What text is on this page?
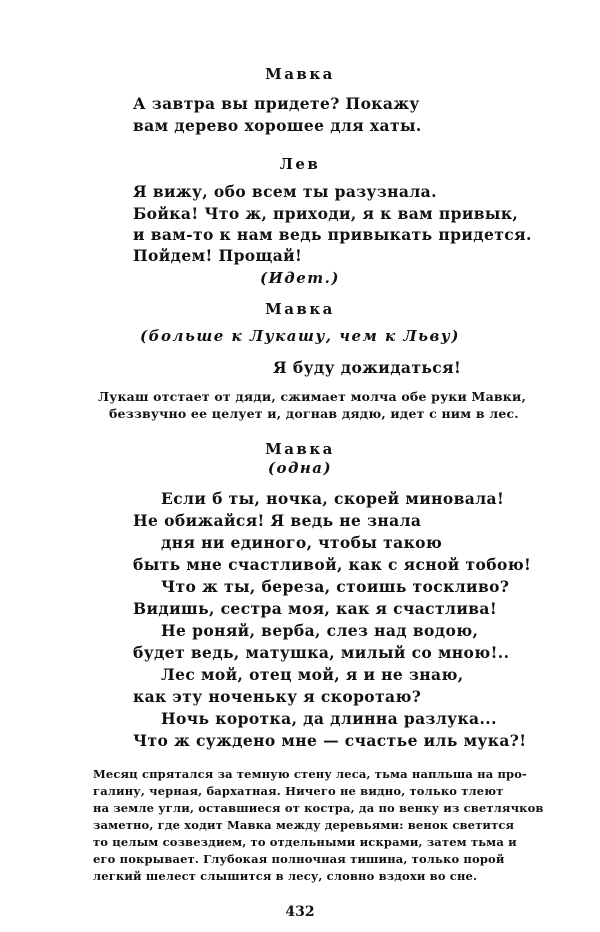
Мавка
А завтра вы придете? Покажу
вам дерево хорошее для хаты.
Лев
Я вижу, обо всем ты разузнала.
Бойка! Что ж, приходи, я к вам привык,
и вам-то к нам ведь привыкать придется.
Пойдем! Прощай!
(Идет.)
Мавка
(больше к Лукашу, чем к Льву)
Я буду дожидаться!
Лукаш отстает от дяди, сжимает молча обе руки Мавки,
беззвучно ее целует и, догнав дядю, идет с ним в лес.
Мавка
(одна)
Если б ты, ночка, скорей миновала!
Не обижайся! Я ведь не знала
дня ни единого, чтобы такою
быть мне счастливой, как с ясной тобою!
Что ж ты, береза, стоишь тоскливо?
Видишь, сестра моя, как я счастлива!
Не роняй, верба, слез над водою,
будет ведь, матушка, милый со мною!..
Лес мой, отец мой, я и не знаю,
как эту ноченьку я скоротаю?
Ночь коротка, да длинна разлука...
Что ж суждено мне — счастье иль мука?!
Месяц спрятался за темную стену леса, тьма напльша на про-
галину, черная, бархатная. Ничего не видно, только тлеют
на земле угли, оставшиеся от костра, да по венку из светлячков
заметно, где ходит Мавка между деревьями: венок светится
то целым созвездием, то отдельными искрами, затем тьма и
его покрывает. Глубокая полночная тишина, только порой
легкий шелест слышится в лесу, словно вздохи во сне.
432
